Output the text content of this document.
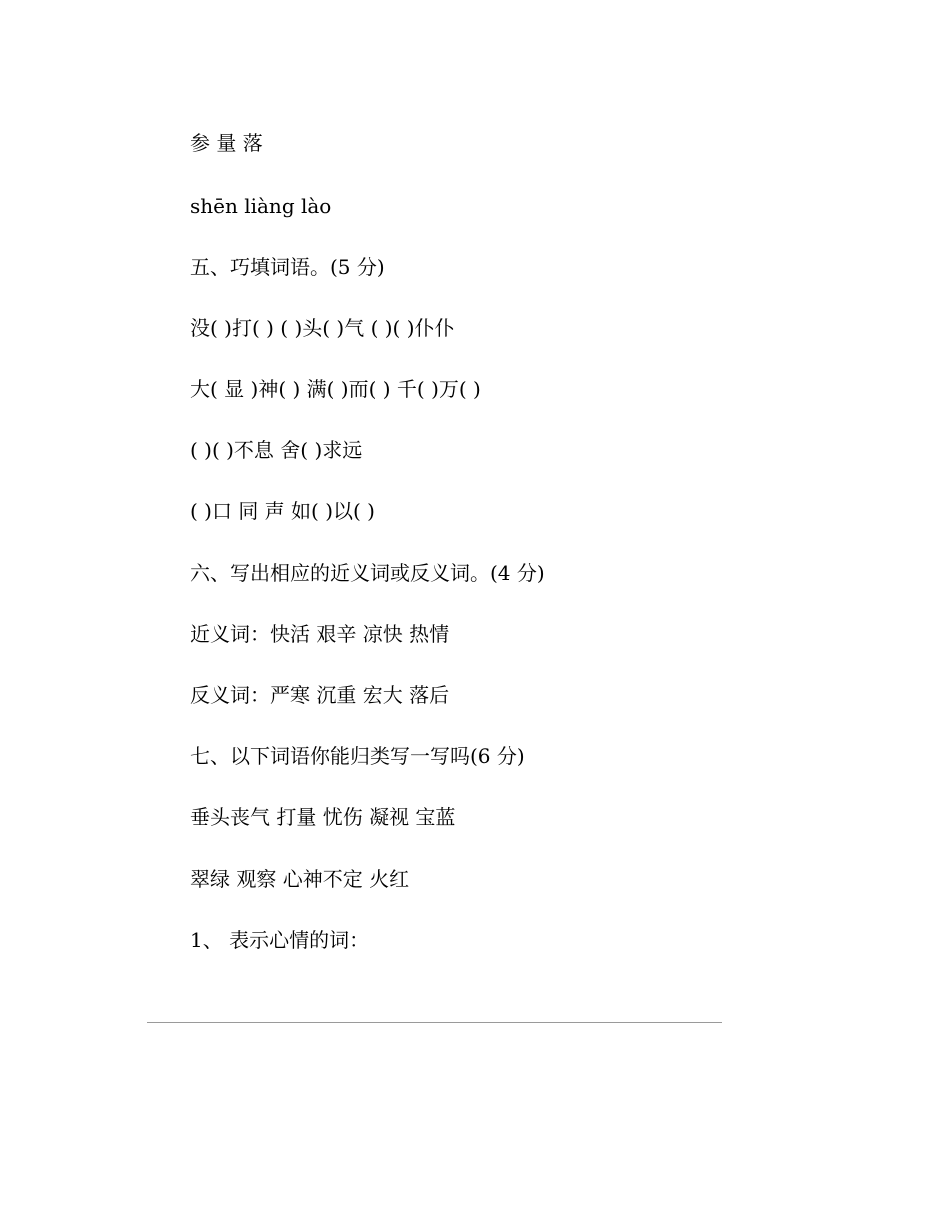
参 量 落

shēn liàng lào

五、巧填词语。(5 分)

没( )打( ) ( )头( )气 ( )( )仆仆

大( 显 )神( ) 满( )而( ) 千( )万( )

( )( )不息 舍( )求远

( )口 同 声 如( )以( )

六、写出相应的近义词或反义词。(4 分)

近义词：快活 艰辛 凉快 热情

反义词：严寒 沉重 宏大 落后

七、以下词语你能归类写一写吗(6 分)

垂头丧气 打量 忧伤 凝视 宝蓝

翠绿 观察 心神不定 火红

1、 表示心情的词：
